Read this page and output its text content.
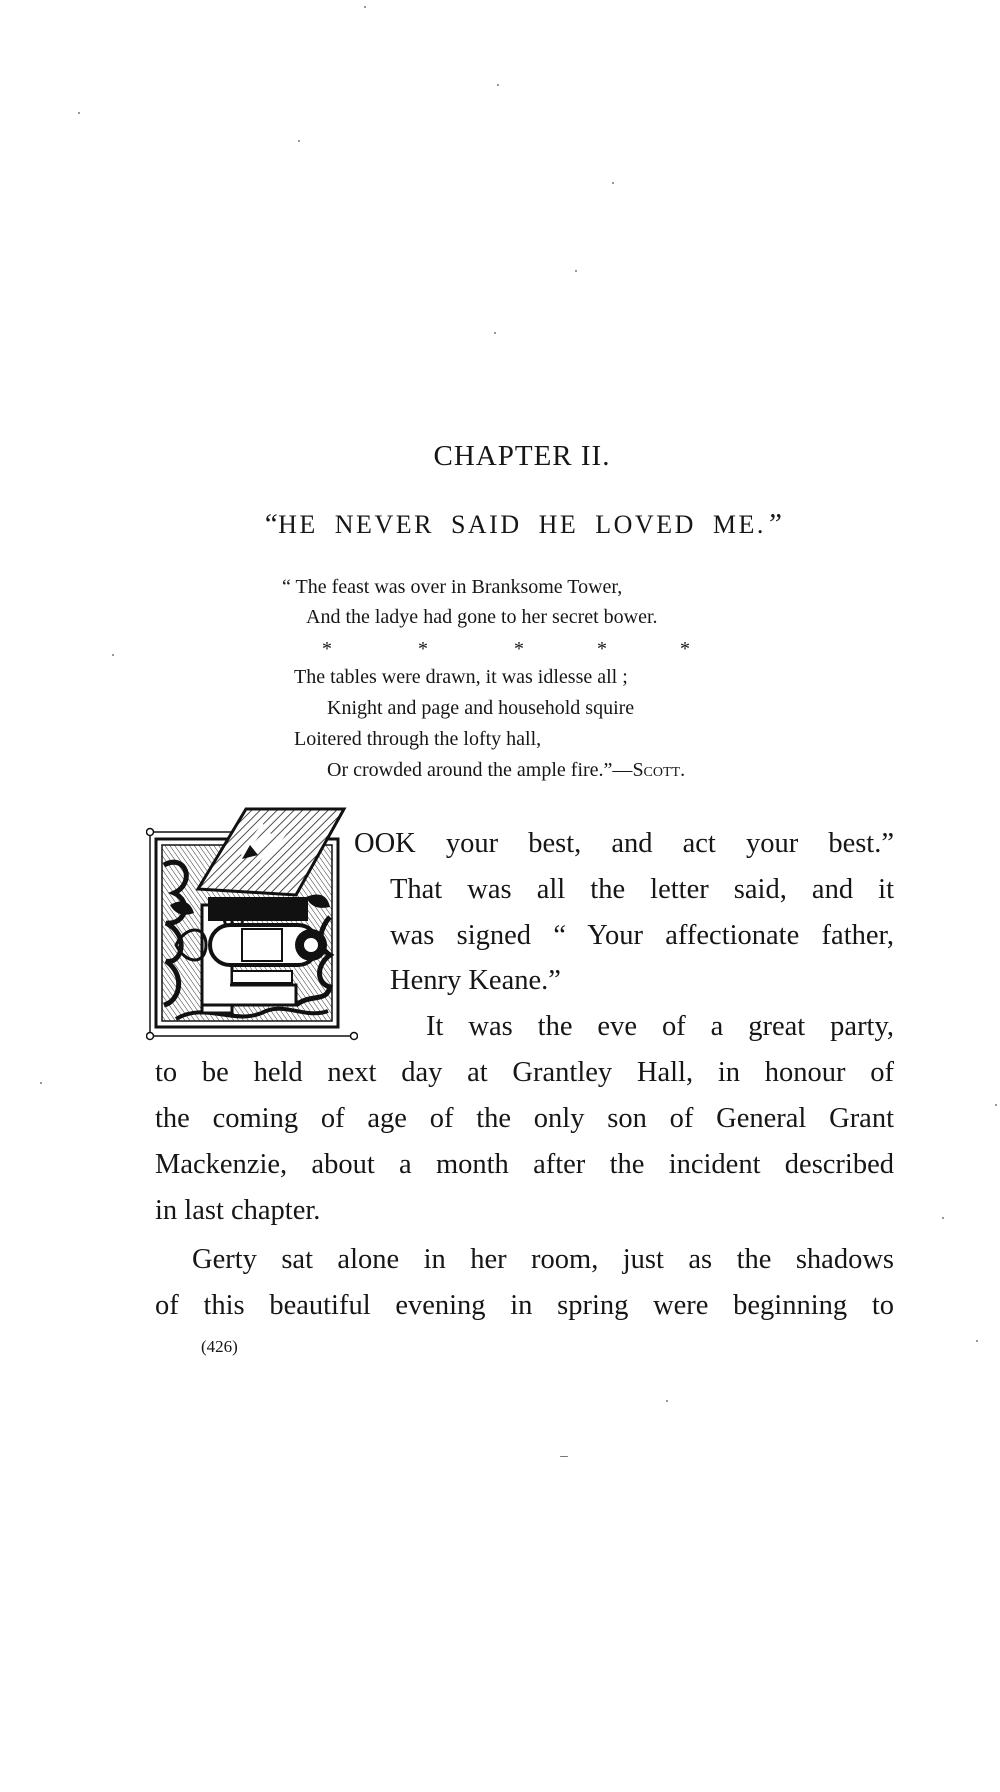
CHAPTER II.
“HE NEVER SAID HE LOVED ME.”
“ The feast was over in Branksome Tower,
And the ladye had gone to her secret bower.
*	*	*	*	*
The tables were drawn, it was idlesse all ;
Knight and page and household squire
Loitered through the lofty hall,
Or crowded around the ample fire.”—Scott.
OOK your best, and act your best.”
That was all the letter said, and it
was signed “ Your affectionate father,
Henry Keane.”
It was the eve of a great party,
to be held next day at Grantley Hall, in honour of
the coming of age of the only son of General Grant
Mackenzie, about a month after the incident described
in last chapter.
Gerty sat alone in her room, just as the shadows
of this beautiful evening in spring were beginning to
(426)
